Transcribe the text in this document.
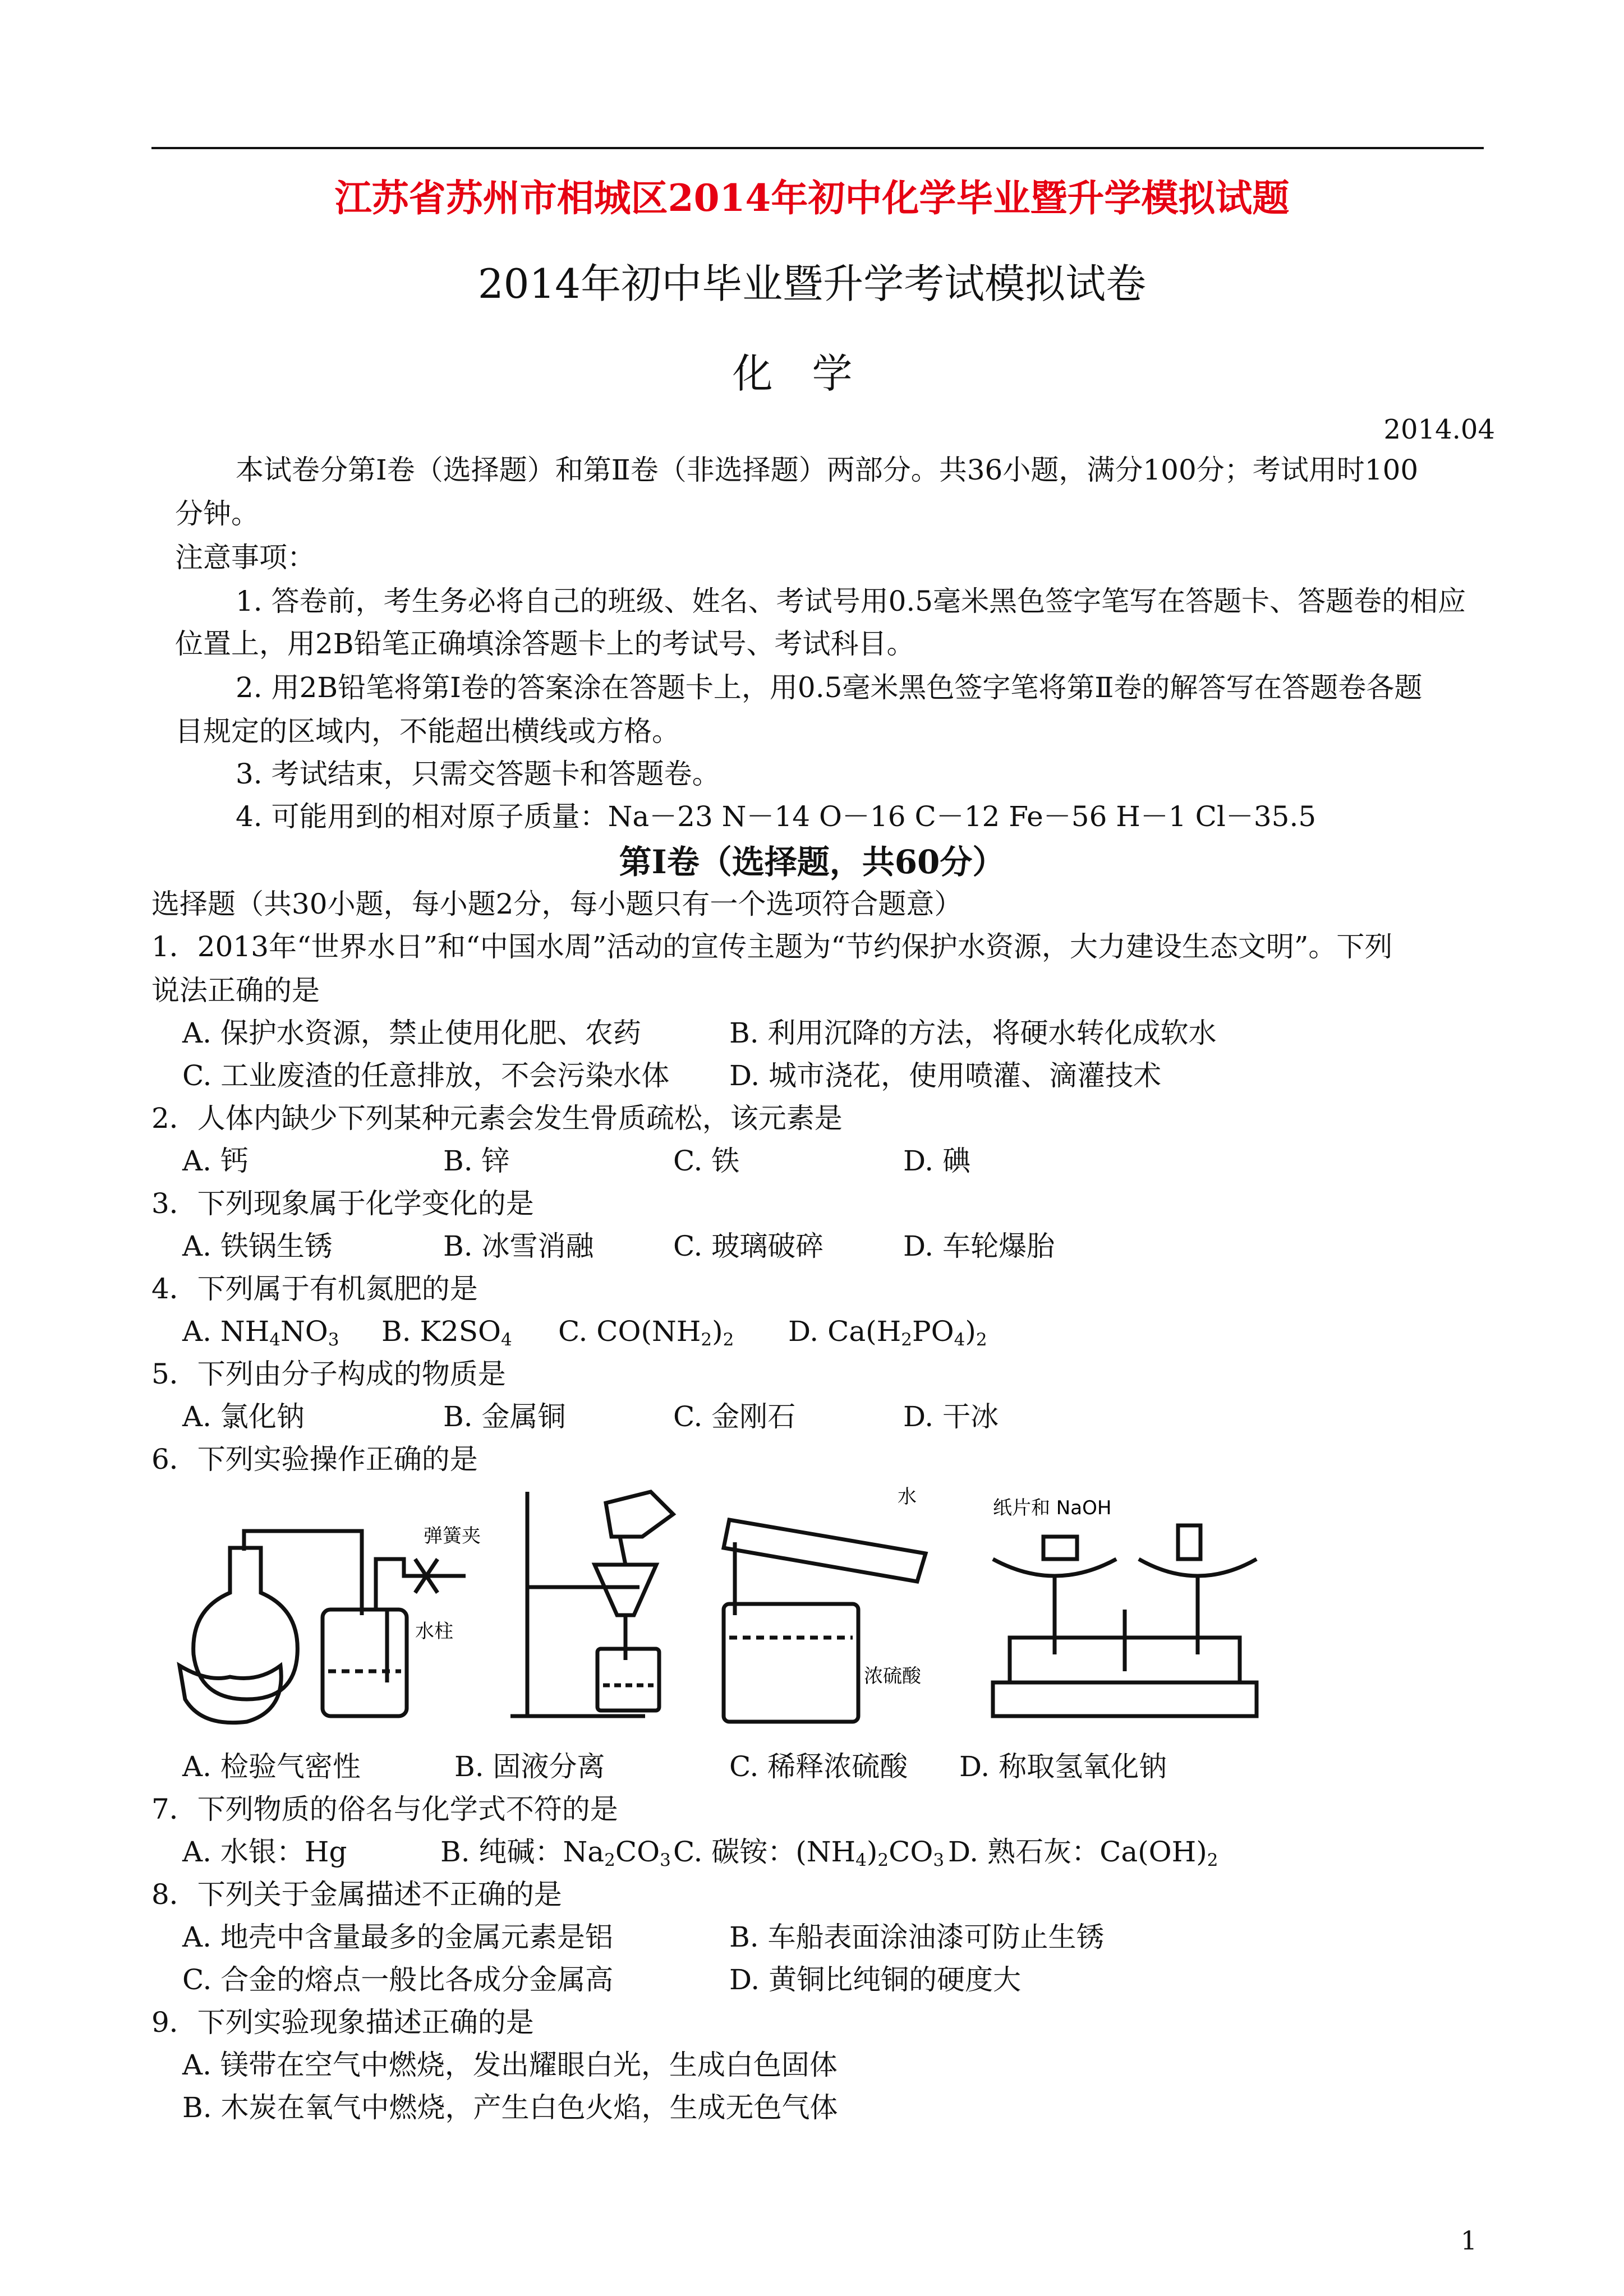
江苏省苏州市相城区2014年初中化学毕业暨升学模拟试题
2014年初中毕业暨升学考试模拟试卷
化学
2014.04
本试卷分第Ⅰ卷（选择题）和第Ⅱ卷（非选择题）两部分。共36小题，满分100分；考试用时100
分钟。
注意事项：
1. 答卷前，考生务必将自己的班级、姓名、考试号用0.5毫米黑色签字笔写在答题卡、答题卷的相应
位置上，用2B铅笔正确填涂答题卡上的考试号、考试科目。
2. 用2B铅笔将第Ⅰ卷的答案涂在答题卡上，用0.5毫米黑色签字笔将第Ⅱ卷的解答写在答题卷各题
目规定的区域内，不能超出横线或方格。
3. 考试结束，只需交答题卡和答题卷。
4. 可能用到的相对原子质量：Na－23 N－14 O－16 C－12 Fe－56 H－1 Cl－35.5
第Ⅰ卷（选择题，共60分）
选择题（共30小题，每小题2分，每小题只有一个选项符合题意）
1．2013年“世界水日”和“中国水周”活动的宣传主题为“节约保护水资源，大力建设生态文明”。下列
说法正确的是
A. 保护水资源，禁止使用化肥、农药	B. 利用沉降的方法，将硬水转化成软水
C. 工业废渣的任意排放，不会污染水体 D. 城市浇花，使用喷灌、滴灌技术
2．人体内缺少下列某种元素会发生骨质疏松，该元素是
A. 钙	B. 锌	C. 铁	D. 碘
3．下列现象属于化学变化的是
A. 铁锅生锈	B. 冰雪消融	C. 玻璃破碎	D. 车轮爆胎
4．下列属于有机氮肥的是
A. $NH_4NO_3$ B. $K2SO_4$ C. $CO(NH_2)_2$ D. $Ca(H_2PO_4)_2$
5．下列由分子构成的物质是
A. 氯化钠	B. 金属铜	C. 金刚石	D. 干冰
6．下列实验操作正确的是
弹簧夹
水柱
水
浓硫酸
纸片和 NaOH
A. 检验气密性	B. 固液分离	C. 稀释浓硫酸 D. 称取氢氧化钠
7．下列物质的俗名与化学式不符的是
A. 水银：Hg	B. 纯碱：$Na_2CO_3$ C. 碳铵：$(NH_4)_2CO_3$ D. 熟石灰：$Ca(OH)_2$
8．下列关于金属描述不正确的是
A. 地壳中含量最多的金属元素是铝	B. 车船表面涂油漆可防止生锈
C. 合金的熔点一般比各成分金属高	D. 黄铜比纯铜的硬度大
9．下列实验现象描述正确的是
A. 镁带在空气中燃烧，发出耀眼白光，生成白色固体
B. 木炭在氧气中燃烧，产生白色火焰，生成无色气体
1
